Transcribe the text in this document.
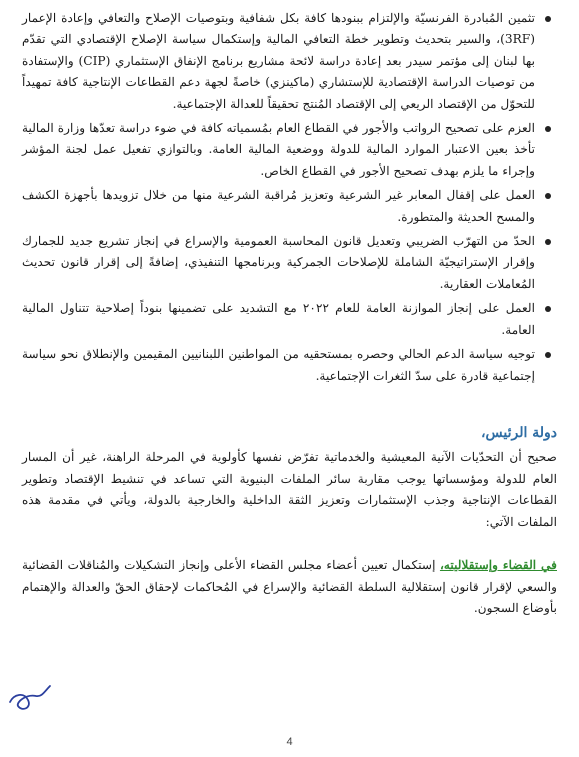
تثمين المُبادرة الفرنسيّة والإلتزام ببنودها كافة بكل شفافية وبتوصيات الإصلاح والتعافي وإعادة الإعمار (3RF)، والسير بتحديث وتطوير خطة التعافي المالية وإستكمال سياسة الإصلاح الإقتصادي التي تقدّم بها لبنان إلى مؤتمر سيدر بعد إعادة دراسة لائحة مشاريع برنامج الإنفاق الإستثماري (CIP) والإستفادة من توصيات الدراسة الإقتصادية للإستشاري (ماكينزي) خاصةً لجهة دعم القطاعات الإنتاجية كافة تمهيداً للتحوّل من الإقتصاد الريعي إلى الإقتصاد المُنتج تحقيقاً للعدالة الإجتماعية.
العزم على تصحيح الرواتب والأجور في القطاع العام بمُسمياته كافة في ضوء دراسة تعدّها وزارة المالية تأخذ بعين الاعتبار الموارد المالية للدولة ووضعية المالية العامة. وبالتوازي تفعيل عمل لجنة المؤشر وإجراء ما يلزم بهدف تصحيح الأجور في القطاع الخاص.
العمل على إقفال المعابر غير الشرعية وتعزيز مُراقبة الشرعية منها من خلال تزويدها بأجهزة الكشف والمسح الحديثة والمتطورة.
الحدّ من التهرّب الضريبي وتعديل قانون المحاسبة العمومية والإسراع في إنجاز تشريع جديد للجمارك وإقرار الإستراتيجيّة الشاملة للإصلاحات الجمركية وبرنامجها التنفيذي، إضافةً إلى إقرار قانون تحديث المُعاملات العقارية.
العمل على إنجاز الموازنة العامة للعام ٢٠٢٢ مع التشديد على تضمينها بنوداً إصلاحية تتناول المالية العامة.
توجيه سياسة الدعم الحالي وحصره بمستحقيه من المواطنين اللبنانيين المقيمين والإنطلاق نحو سياسة إجتماعية قادرة على سدّ الثغرات الإجتماعية.
دولة الرئيس،

صحيح أن التحدّيات الآنية المعيشية والخدماتية تفرّض نفسها كأولوية في المرحلة الراهنة، غير أن المسار العام للدولة ومؤسساتها يوجب مقاربة سائر الملفات البنيوية التي تساعد في تنشيط الإقتصاد وتطوير القطاعات الإنتاجية وجذب الإستثمارات وتعزيز الثقة الداخلية والخارجية بالدولة، ويأتي في مقدمة هذه الملفات الآتي:

في القضاء وإستقلاليته، إستكمال تعيين أعضاء مجلس القضاء الأعلى وإنجاز التشكيلات والمُناقلات القضائية والسعي لإقرار قانون إستقلالية السلطة القضائية والإسراع في المُحاكمات لإحقاق الحقّ والعدالة والإهتمام بأوضاع السجون.

4
